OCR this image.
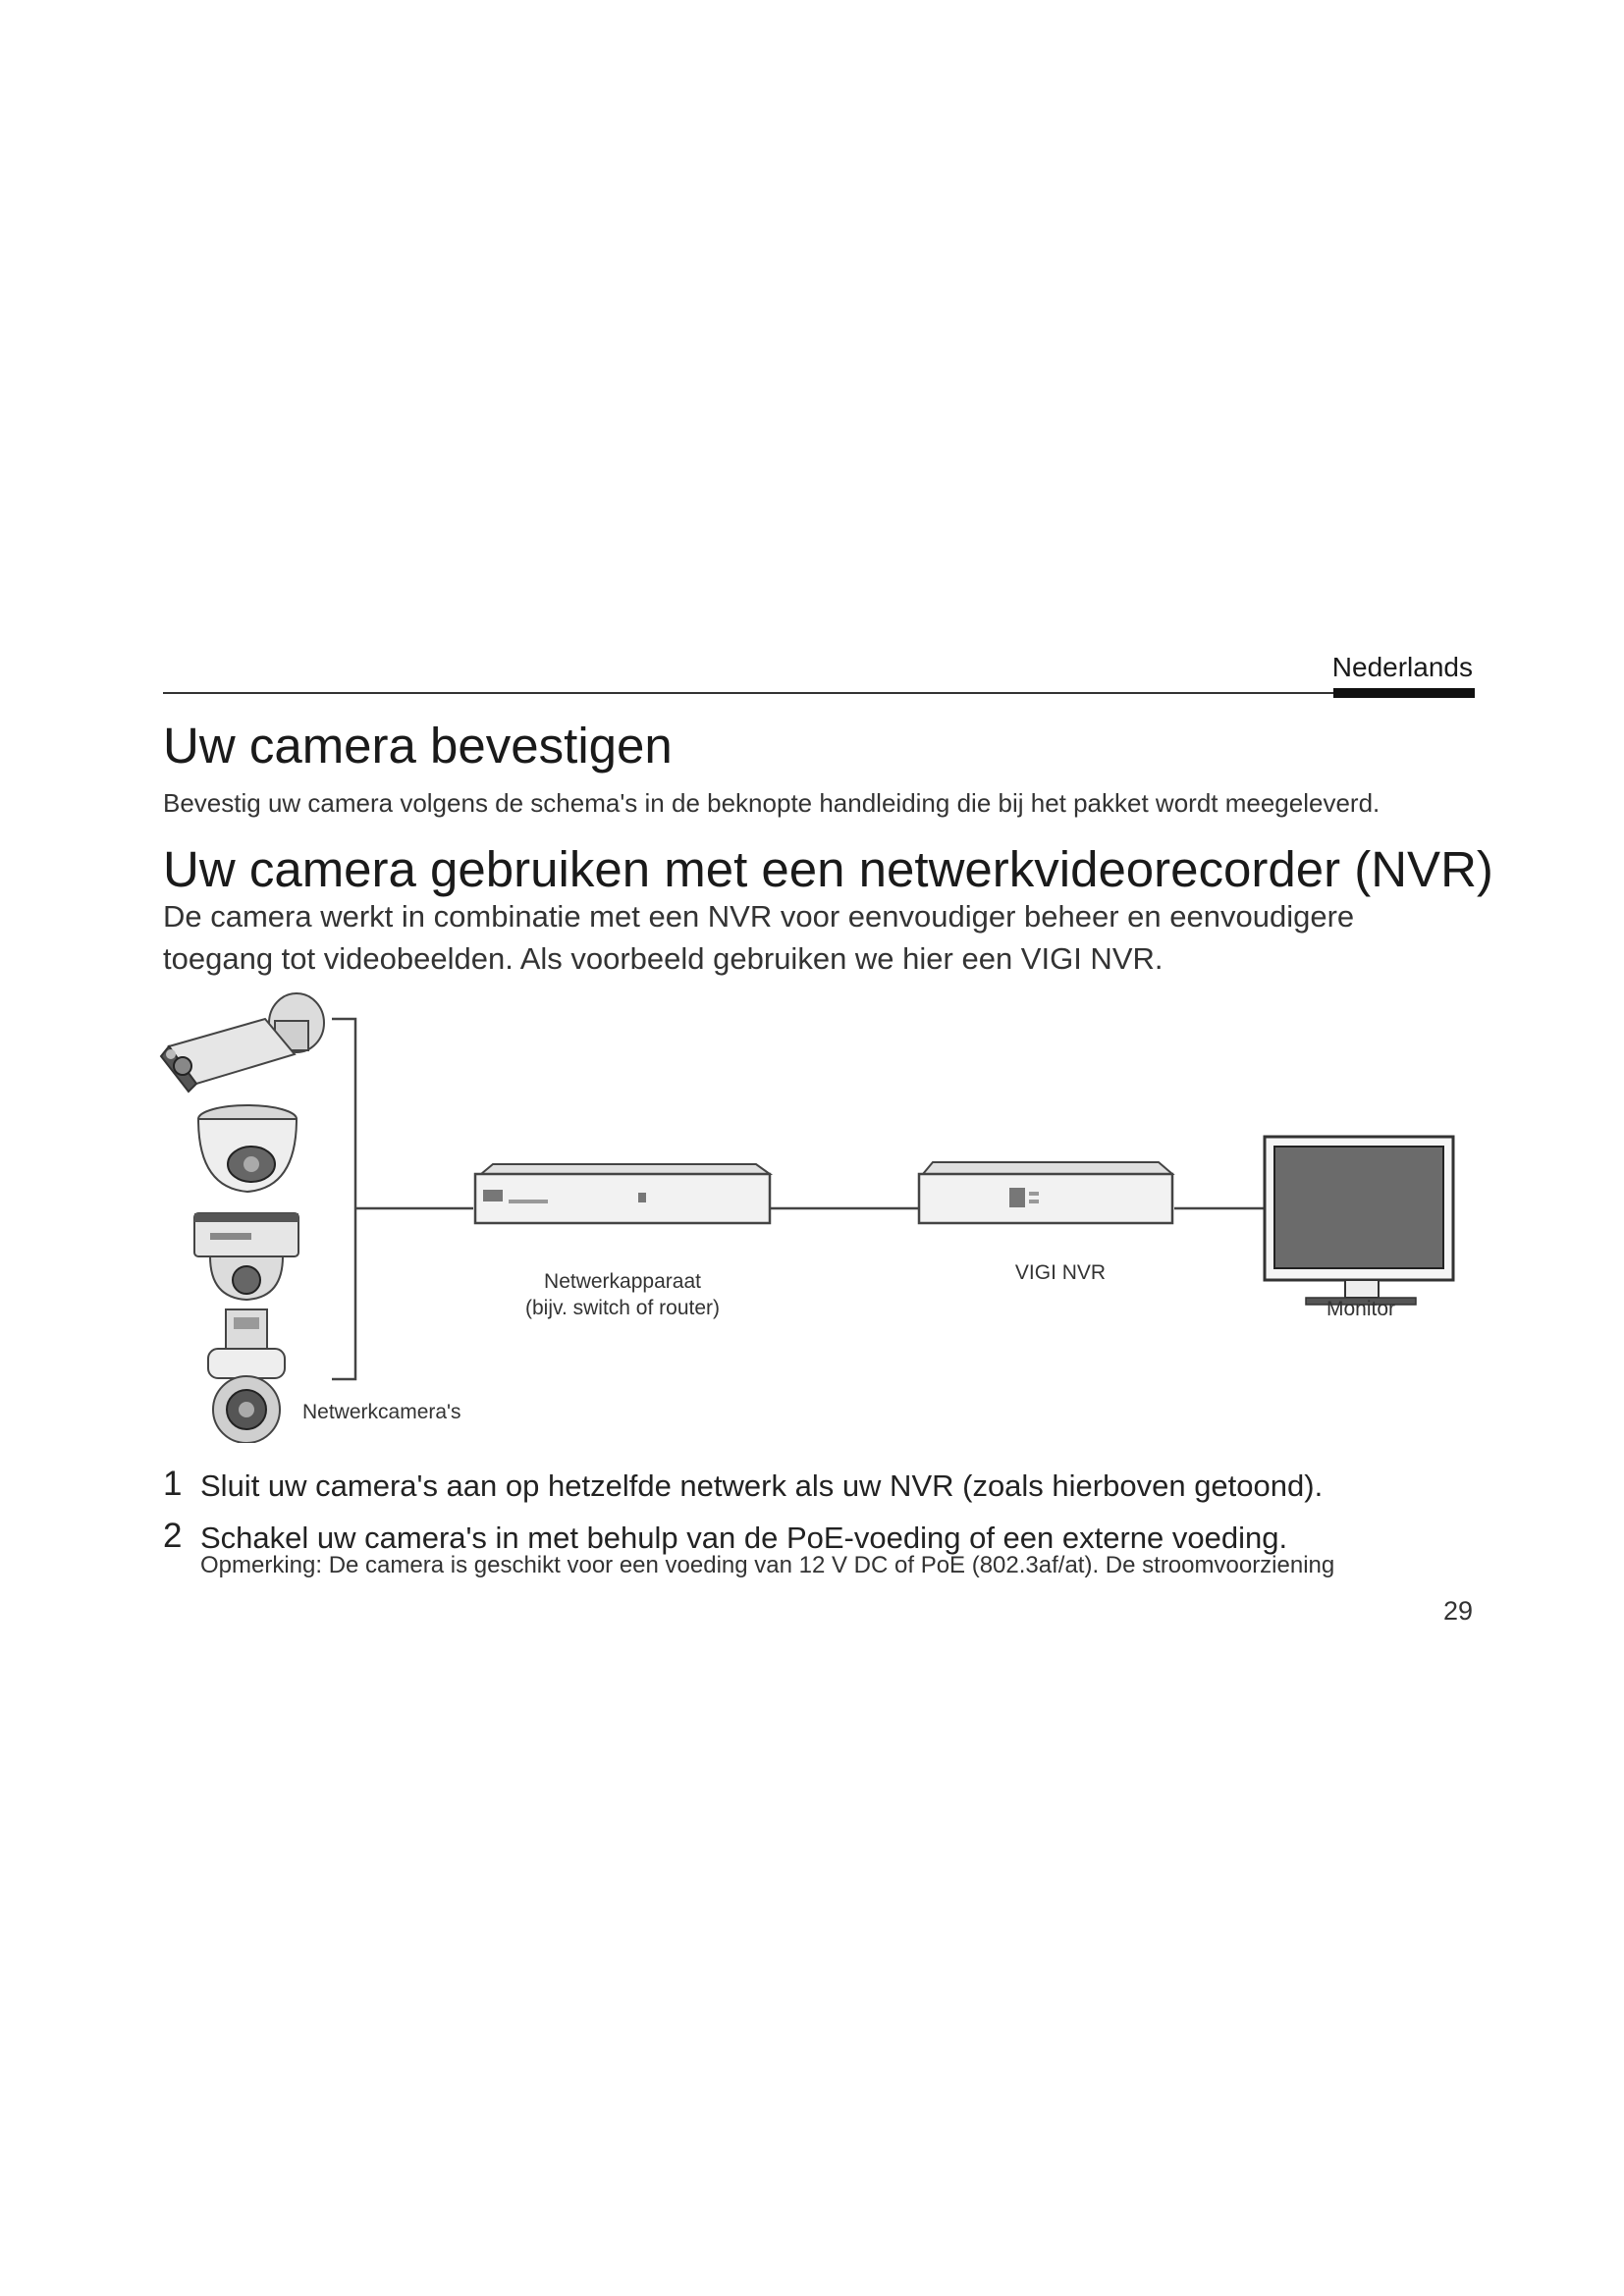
Nederlands
Uw camera bevestigen

Bevestig uw camera volgens de schema's in de beknopte handleiding die bij het pakket wordt meegeleverd.

Uw camera gebruiken met een netwerkvideorecorder (NVR)
De camera werkt in combinatie met een NVR voor eenvoudiger beheer en eenvoudigere
toegang tot videobeelden. Als voorbeeld gebruiken we hier een VIGI NVR.
Netwerkcamera's
Netwerkapparaat
(bijv. switch of router)
VIGI NVR
Monitor
1 Sluit uw camera's aan op hetzelfde netwerk als uw NVR (zoals hierboven getoond).
2 Schakel uw camera's in met behulp van de PoE-voeding of een externe voeding.
Opmerking: De camera is geschikt voor een voeding van 12 V DC of PoE (802.3af/at). De stroomvoorziening
29
